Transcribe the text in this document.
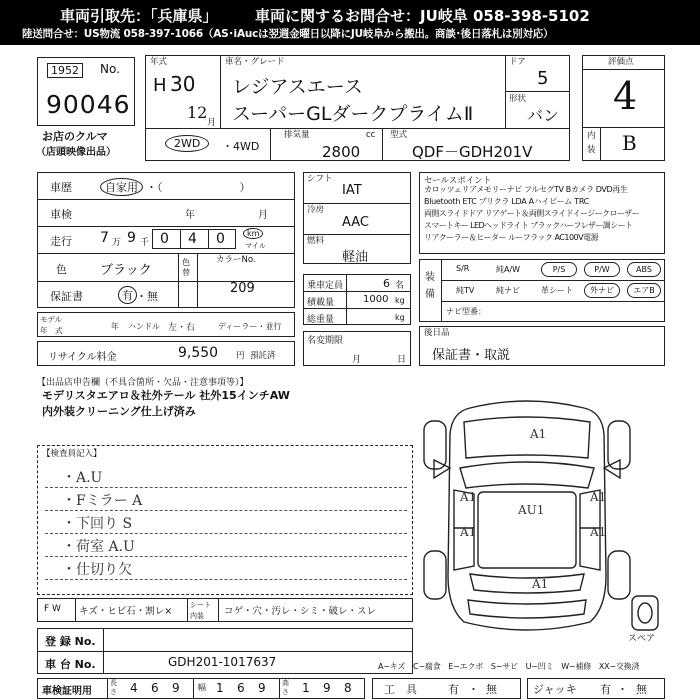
車両引取先：「兵庫県」 車両に関するお問合せ：JU岐阜 058-398-5102
陸送問合せ：US物流 058-397-1066（AS･iAucは翌週金曜日以降にJU岐阜から搬出。商談･後日落札は別対応）
1952	No.
90046
お店のクルマ
（店頭映像出品）
年式
H 30
12
月
車名・グレード
レジアスエース
スーパーGLダークプライムⅡ
ドア
5
形状
バン
2WD	・4WD
排気量	cc
2800
型式
QDF－GDH201V
評価点
4
内
装 B
車歴	自家用 ・（　　　　　　　）
車検	年	月
走行 7 万 9 千 0 4 0	km
マイル
色	ブラック
色替
カラーNo.
209
保証書	有 ・無
モデル
年　式	年 ハンドル 左・右	ディーラー・並行
リサイクル料金	9,550 円 預託済
シフト
IAT
冷房
AAC
燃料
軽油
乗車定員	6 名
積載量	1000 kg
総重量	kg
名変期限
月	日
セールスポイント
カロッツェリアメモリーナビ フルセグTV Bカメラ DVD再生
Bluetooth ETC プリクラ LDA Aハイビーム TRC
両側スライドドア リアゲート＆両側スライドイージークローザー
スマートキー LEDヘッドライト ブラックハーフレザー調シート
リアクーラー＆ヒーター ルーフラック AC100V電源
装
備
S/R	純A/W	P/S	P/W	ABS
純TV	純ナビ	革シート	外ナビ	エアB
ナビ型番：
後日品
保証書・取説
【出品店申告欄（不具合箇所・欠品・注意事項等）】
モデリスタエアロ＆社外テール 社外15インチAW
内外装クリーニング仕上げ済み
【検査員記入】
・A.U
・Fミラー A
・下回り S
・荷室 A.U
・仕切り欠
F W キズ・ヒビ石・割レ×
シート
内装 コゲ・穴・汚レ・シミ・破レ・スレ
登 録 No.
車 台 No.	GDH201-1017637
車検証明用
長さ 4 6 9 幅 1 6 9 高さ 1 9 8
A1
A1
AU1
A1
A1	A1
A1
スペア
A−キズ　C−腐食　E−エクボ　S−サビ　U−凹ミ　W−補修　XX−交換済
工　具	有 ・ 無	ジャッキ 有 ・ 無
